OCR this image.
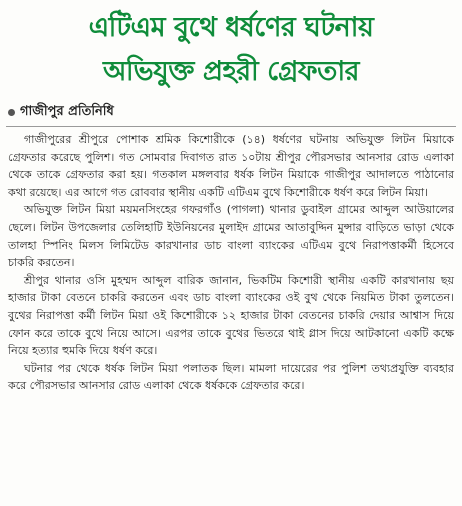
এটিএম বুথে ধর্ষণের ঘটনায়
অভিযুক্ত প্রহরী গ্রেফতার
গাজীপুর প্রতিনিধি

গাজীপুরের শ্রীপুরে পোশাক শ্রমিক কিশোরীকে (১৪) ধর্ষণের ঘটনায় অভিযুক্ত লিটন মিয়াকে গ্রেফতার করেছে পুলিশ। গত সোমবার দিবাগত রাত ১০টায় শ্রীপুর পৌরসভার আনসার রোড এলাকা থেকে তাকে গ্রেফতার করা হয়। গতকাল মঙ্গলবার ধর্ষক লিটন মিয়াকে গাজীপুর আদালতে পাঠানোর কথা রয়েছে। এর আগে গত রোববার স্থানীয় একটি এটিএম বুথে কিশোরীকে ধর্ষণ করে লিটন মিয়া।

অভিযুক্ত লিটন মিয়া ময়মনসিংহের গফরগাঁও (পাগলা) থানার ডুবাইল গ্রামের আব্দুল আউয়ালের ছেলে। লিটন উপজেলার তেলিহাটি ইউনিয়নের মুলাইদ গ্রামের আতাবুদ্দিন মুন্সার বাড়িতে ভাড়া থেকে তালহা স্পিনিং মিলস লিমিটেড কারখানার ডাচ বাংলা ব্যাংকের এটিএম বুথে নিরাপত্তাকর্মী হিসেবে চাকরি করতেন।

শ্রীপুর থানার ওসি মুহম্মদ আব্দুল বারিক জানান, ভিকটিম কিশোরী স্থানীয় একটি কারখানায় ছয় হাজার টাকা বেতনে চাকরি করতেন এবং ডাচ বাংলা ব্যাংকের ওই বুথ থেকে নিয়মিত টাকা তুলতেন। বুথের নিরাপত্তা কর্মী লিটন মিয়া ওই কিশোরীকে ১২ হাজার টাকা বেতনের চাকরি দেয়ার আশ্বাস দিয়ে ফোন করে তাকে বুথে নিয়ে আসে। এরপর তাকে বুথের ভিতরে থাই গ্লাস দিয়ে আটকানো একটি কক্ষে নিয়ে হত্যার হুমকি দিয়ে ধর্ষণ করে।

ঘটনার পর থেকে ধর্ষক লিটন মিয়া পলাতক ছিল। মামলা দায়েরের পর পুলিশ তথ্যপ্রযুক্তি ব্যবহার করে পৌরসভার আনসার রোড এলাকা থেকে ধর্ষককে গ্রেফতার করে।
